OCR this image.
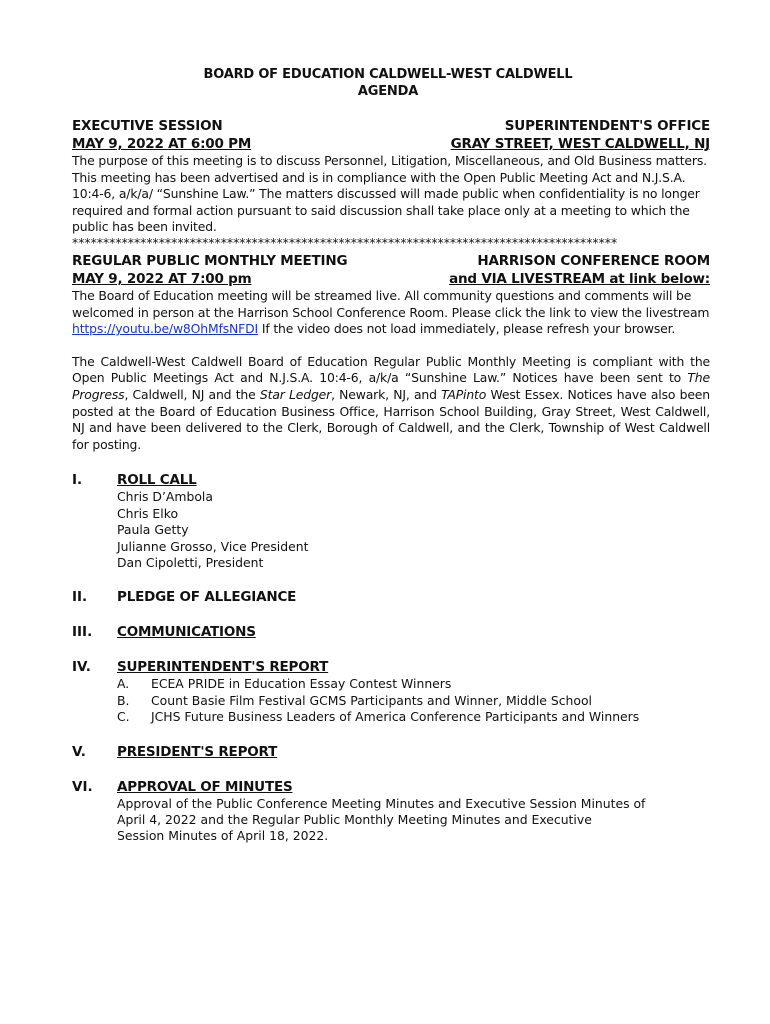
BOARD OF EDUCATION CALDWELL-WEST CALDWELL
AGENDA
EXECUTIVE SESSION
MAY 9, 2022 AT 6:00 PM
SUPERINTENDENT'S OFFICE
GRAY STREET, WEST CALDWELL, NJ
The purpose of this meeting is to discuss Personnel, Litigation, Miscellaneous, and Old Business matters. This meeting has been advertised and is in compliance with the Open Public Meeting Act and N.J.S.A. 10:4-6, a/k/a/ “Sunshine Law.” The matters discussed will made public when confidentiality is no longer required and formal action pursuant to said discussion shall take place only at a meeting to which the public has been invited.
****************************************************************************************
REGULAR PUBLIC MONTHLY MEETING
MAY 9, 2022 AT 7:00 pm
HARRISON CONFERENCE ROOM
and VIA LIVESTREAM at link below:
The Board of Education meeting will be streamed live. All community questions and comments will be welcomed in person at the Harrison School Conference Room. Please click the link to view the livestream https://youtu.be/w8OhMfsNFDI If the video does not load immediately, please refresh your browser.
The Caldwell-West Caldwell Board of Education Regular Public Monthly Meeting is compliant with the Open Public Meetings Act and N.J.S.A. 10:4-6, a/k/a “Sunshine Law.” Notices have been sent to The Progress, Caldwell, NJ and the Star Ledger, Newark, NJ, and TAPinto West Essex. Notices have also been posted at the Board of Education Business Office, Harrison School Building, Gray Street, West Caldwell, NJ and have been delivered to the Clerk, Borough of Caldwell, and the Clerk, Township of West Caldwell for posting.
I.	ROLL CALL
Chris D’Ambola
Chris Elko
Paula Getty
Julianne Grosso, Vice President
Dan Cipoletti, President
II.	PLEDGE OF ALLEGIANCE
III.	COMMUNICATIONS
IV.	SUPERINTENDENT'S REPORT
A.	ECEA PRIDE in Education Essay Contest Winners
B.	Count Basie Film Festival GCMS Participants and Winner, Middle School
C.	JCHS Future Business Leaders of America Conference Participants and Winners
V.	PRESIDENT'S REPORT
VI.	APPROVAL OF MINUTES
Approval of the Public Conference Meeting Minutes and Executive Session Minutes of
April 4, 2022 and the Regular Public Monthly Meeting Minutes and Executive
Session Minutes of April 18, 2022.
